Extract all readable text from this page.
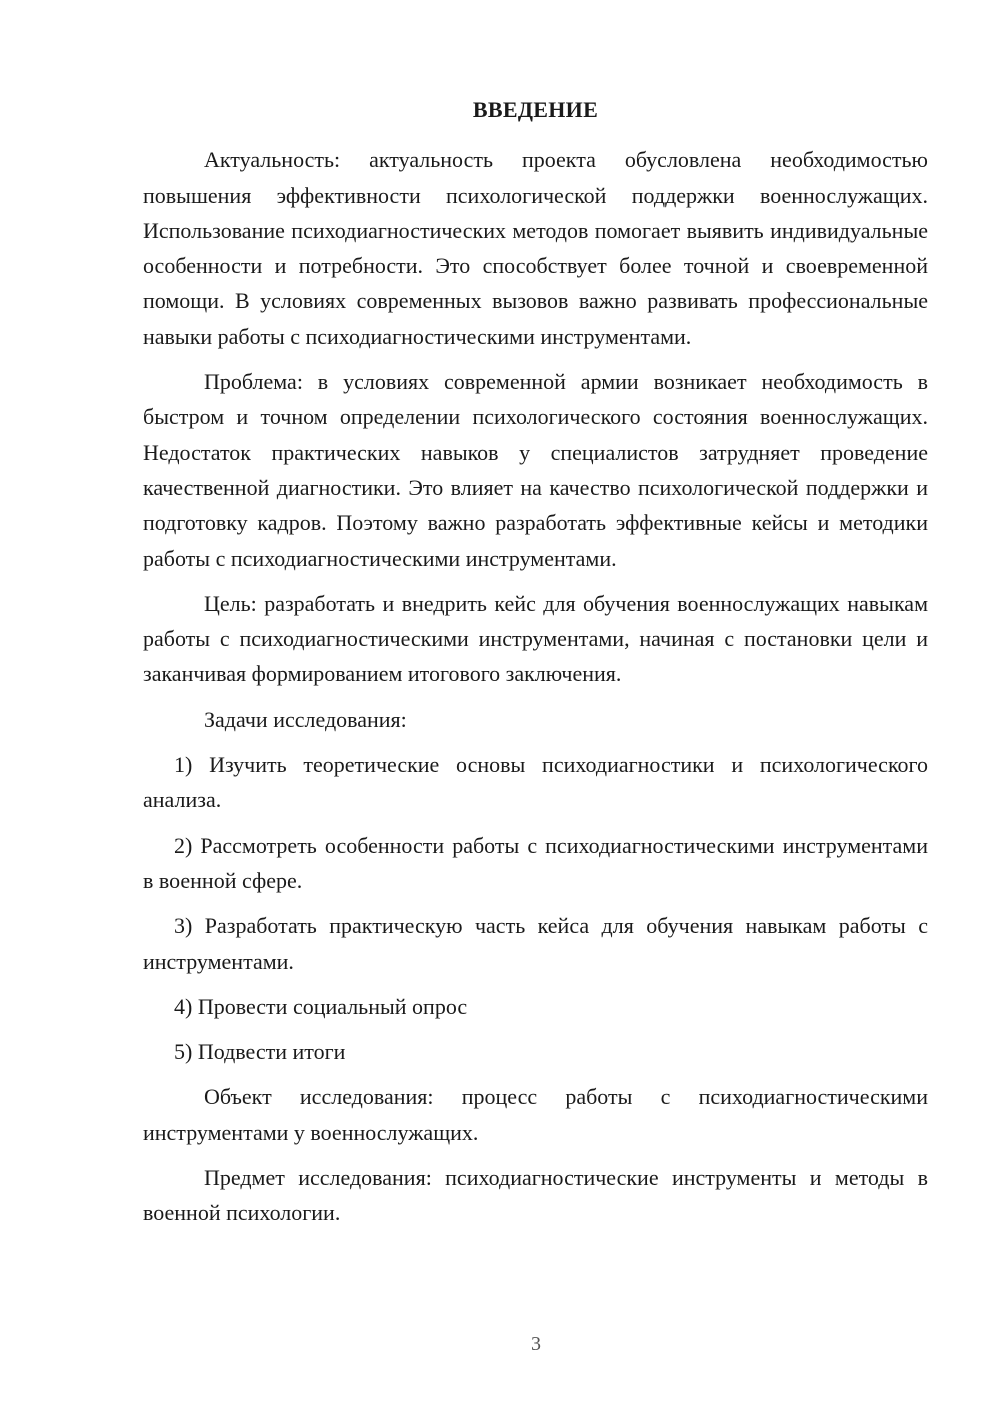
ВВЕДЕНИЕ

Актуальность: актуальность проекта обусловлена необходимостью повышения эффективности психологической поддержки военнослужащих. Использование психодиагностических методов помогает выявить индивидуальные особенности и потребности. Это способствует более точной и своевременной помощи. В условиях современных вызовов важно развивать профессиональные навыки работы с психодиагностическими инструментами.

Проблема: в условиях современной армии возникает необходимость в быстром и точном определении психологического состояния военнослужащих. Недостаток практических навыков у специалистов затрудняет проведение качественной диагностики. Это влияет на качество психологической поддержки и подготовку кадров. Поэтому важно разработать эффективные кейсы и методики работы с психодиагностическими инструментами.

Цель: разработать и внедрить кейс для обучения военнослужащих навыкам работы с психодиагностическими инструментами, начиная с постановки цели и заканчивая формированием итогового заключения.

Задачи исследования:

1) Изучить теоретические основы психодиагностики и психологического анализа.

2) Рассмотреть особенности работы с психодиагностическими инструментами в военной сфере.

3) Разработать практическую часть кейса для обучения навыкам работы с инструментами.

4) Провести социальный опрос

5) Подвести итоги

Объект исследования: процесс работы с психодиагностическими инструментами у военнослужащих.

Предмет исследования: психодиагностические инструменты и методы в военной психологии.

3
